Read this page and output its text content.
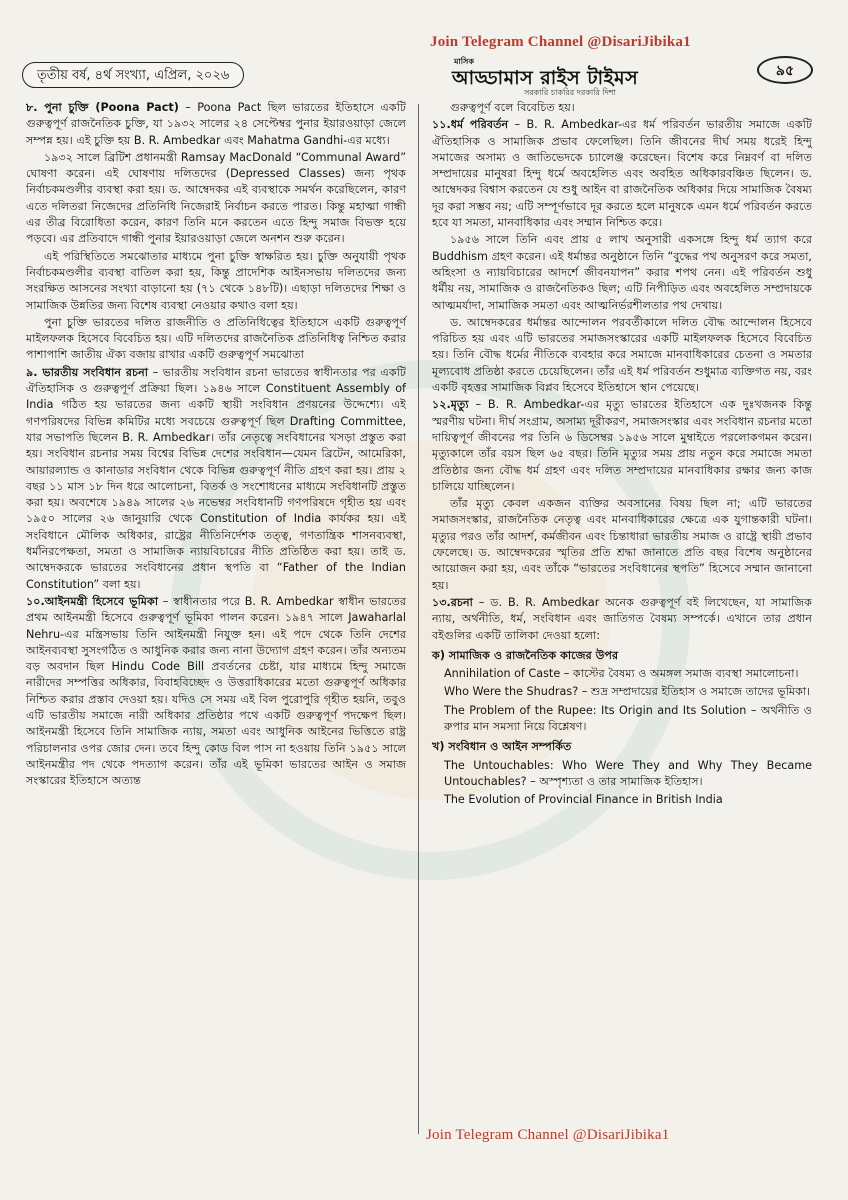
Join Telegram Channel @DisariJibika1
তৃতীয় বর্ষ, ৪র্থ সংখ্যা, এপ্রিল, ২০২৬
মাসিক
আড্ডামাস রাইস টাইমস
সরকারি চাকরির দরকারি দিশা
৯৫

৮. পুনা চুক্তি (Poona Pact) – Poona Pact ছিল ভারতের ইতিহাসে একটি গুরুত্বপূর্ণ রাজনৈতিক চুক্তি, যা ১৯৩২ সালের ২৪ সেপ্টেম্বর পুনার ইয়ারওয়াড়া জেলে সম্পন্ন হয়। এই চুক্তি হয় B. R. Ambedkar এবং Mahatma Gandhi-এর মধ্যে।

১৯৩২ সালে ব্রিটিশ প্রধানমন্ত্রী Ramsay MacDonald “Communal Award” ঘোষণা করেন। এই ঘোষণায় দলিতদের (Depressed Classes) জন্য পৃথক নির্বাচকমণ্ডলীর ব্যবস্থা করা হয়। ড. আম্বেদকর এই ব্যবস্থাকে সমর্থন করেছিলেন, কারণ এতে দলিতরা নিজেদের প্রতিনিধি নিজেরাই নির্বাচন করতে পারত। কিন্তু মহাত্মা গান্ধী এর তীব্র বিরোধিতা করেন, কারণ তিনি মনে করতেন এতে হিন্দু সমাজ বিভক্ত হয়ে পড়বে। এর প্রতিবাদে গান্ধী পুনার ইয়ারওয়াড়া জেলে অনশন শুরু করেন।

এই পরিস্থিতিতে সমঝোতার মাধ্যমে পুনা চুক্তি স্বাক্ষরিত হয়। চুক্তি অনুযায়ী পৃথক নির্বাচকমণ্ডলীর ব্যবস্থা বাতিল করা হয়, কিন্তু প্রাদেশিক আইনসভায় দলিতদের জন্য সংরক্ষিত আসনের সংখ্যা বাড়ানো হয় (৭১ থেকে ১৪৮টি)। এছাড়া দলিতদের শিক্ষা ও সামাজিক উন্নতির জন্য বিশেষ ব্যবস্থা নেওয়ার কথাও বলা হয়।

পুনা চুক্তি ভারতের দলিত রাজনীতি ও প্রতিনিধিত্বের ইতিহাসে একটি গুরুত্বপূর্ণ মাইলফলক হিসেবে বিবেচিত হয়। এটি দলিতদের রাজনৈতিক প্রতিনিধিত্ব নিশ্চিত করার পাশাপাশি জাতীয় ঐক্য বজায় রাখার একটি গুরুত্বপূর্ণ সমঝোতা

৯. ভারতীয় সংবিধান রচনা – ভারতীয় সংবিধান রচনা ভারতের স্বাধীনতার পর একটি ঐতিহাসিক ও গুরুত্বপূর্ণ প্রক্রিয়া ছিল। ১৯৪৬ সালে Constituent Assembly of India গঠিত হয় ভারতের জন্য একটি স্থায়ী সংবিধান প্রণয়নের উদ্দেশ্যে। এই গণপরিষদের বিভিন্ন কমিটির মধ্যে সবচেয়ে গুরুত্বপূর্ণ ছিল Drafting Committee, যার সভাপতি ছিলেন B. R. Ambedkar। তাঁর নেতৃত্বে সংবিধানের খসড়া প্রস্তুত করা হয়। সংবিধান রচনার সময় বিশ্বের বিভিন্ন দেশের সংবিধান—যেমন ব্রিটেন, আমেরিকা, আয়ারল্যান্ড ও কানাডার সংবিধান থেকে বিভিন্ন গুরুত্বপূর্ণ নীতি গ্রহণ করা হয়। প্রায় ২ বছর ১১ মাস ১৮ দিন ধরে আলোচনা, বিতর্ক ও সংশোধনের মাধ্যমে সংবিধানটি প্রস্তুত করা হয়। অবশেষে ১৯৪৯ সালের ২৬ নভেম্বর সংবিধানটি গণপরিষদে গৃহীত হয় এবং ১৯৫০ সালের ২৬ জানুয়ারি থেকে Constitution of India কার্যকর হয়। এই সংবিধানে মৌলিক অধিকার, রাষ্ট্রের নীতিনির্দেশক তত্ত্ব, গণতান্ত্রিক শাসনব্যবস্থা, ধর্মনিরপেক্ষতা, সমতা ও সামাজিক ন্যায়বিচারের নীতি প্রতিষ্ঠিত করা হয়। তাই ড. আম্বেদকরকে ভারতের সংবিধানের প্রধান স্থপতি বা “Father of the Indian Constitution” বলা হয়।

১০.আইনমন্ত্রী হিসেবে ভূমিকা – স্বাধীনতার পরে B. R. Ambedkar স্বাধীন ভারতের প্রথম আইনমন্ত্রী হিসেবে গুরুত্বপূর্ণ ভূমিকা পালন করেন। ১৯৪৭ সালে Jawaharlal Nehru-এর মন্ত্রিসভায় তিনি আইনমন্ত্রী নিযুক্ত হন। এই পদে থেকে তিনি দেশের আইনব্যবস্থা সুসংগঠিত ও আধুনিক করার জন্য নানা উদ্যোগ গ্রহণ করেন। তাঁর অন্যতম বড় অবদান ছিল Hindu Code Bill প্রবর্তনের চেষ্টা, যার মাধ্যমে হিন্দু সমাজে নারীদের সম্পত্তির অধিকার, বিবাহবিচ্ছেদ ও উত্তরাধিকারের মতো গুরুত্বপূর্ণ অধিকার নিশ্চিত করার প্রস্তাব দেওয়া হয়। যদিও সে সময় এই বিল পুরোপুরি গৃহীত হয়নি, তবুও এটি ভারতীয় সমাজে নারী অধিকার প্রতিষ্ঠার পথে একটি গুরুত্বপূর্ণ পদক্ষেপ ছিল। আইনমন্ত্রী হিসেবে তিনি সামাজিক ন্যায়, সমতা এবং আধুনিক আইনের ভিত্তিতে রাষ্ট্র পরিচালনার ওপর জোর দেন। তবে হিন্দু কোড বিল পাস না হওয়ায় তিনি ১৯৫১ সালে আইনমন্ত্রীর পদ থেকে পদত্যাগ করেন। তাঁর এই ভূমিকা ভারতের আইন ও সমাজ সংস্কারের ইতিহাসে অত্যন্ত

গুরুত্বপূর্ণ বলে বিবেচিত হয়।

১১.ধর্ম পরিবর্তন – B. R. Ambedkar-এর ধর্ম পরিবর্তন ভারতীয় সমাজে একটি ঐতিহাসিক ও সামাজিক প্রভাব ফেলেছিল। তিনি জীবনের দীর্ঘ সময় ধরেই হিন্দু সমাজের অসাম্য ও জাতিভেদকে চ্যালেঞ্জ করেছেন। বিশেষ করে নিম্নবর্ণ বা দলিত সম্প্রদায়ের মানুষরা হিন্দু ধর্মে অবহেলিত এবং অবহিত অধিকারবঞ্চিত ছিলেন। ড. আম্বেদকর বিশ্বাস করতেন যে শুধু আইন বা রাজনৈতিক অধিকার দিয়ে সামাজিক বৈষম্য দূর করা সম্ভব নয়; এটি সম্পূর্ণভাবে দূর করতে হলে মানুষকে এমন ধর্মে পরিবর্তন করতে হবে যা সমতা, মানবাধিকার এবং সম্মান নিশ্চিত করে।

১৯৫৬ সালে তিনি এবং প্রায় ৫ লাখ অনুসারী একসঙ্গে হিন্দু ধর্ম ত্যাগ করে Buddhism গ্রহণ করেন। এই ধর্মান্তর অনুষ্ঠানে তিনি “বুদ্ধের পথ অনুসরণ করে সমতা, অহিংসা ও ন্যায়বিচারের আদর্শে জীবনযাপন” করার শপথ নেন। এই পরিবর্তন শুধু ধর্মীয় নয়, সামাজিক ও রাজনৈতিকও ছিল; এটি নিপীড়িত এবং অবহেলিত সম্প্রদায়কে আত্মমর্যাদা, সামাজিক সমতা এবং আত্মনির্ভরশীলতার পথ দেখায়।

ড. আম্বেদকরের ধর্মান্তর আন্দোলন পরবর্তীকালে দলিত বৌদ্ধ আন্দোলন হিসেবে পরিচিত হয় এবং এটি ভারতের সমাজসংস্কারের একটি মাইলফলক হিসেবে বিবেচিত হয়। তিনি বৌদ্ধ ধর্মের নীতিকে ব্যবহার করে সমাজে মানবাধিকারের চেতনা ও সমতার মূল্যবোধ প্রতিষ্ঠা করতে চেয়েছিলেন। তাঁর এই ধর্ম পরিবর্তন শুধুমাত্র ব্যক্তিগত নয়, বরং একটি বৃহত্তর সামাজিক বিপ্লব হিসেবে ইতিহাসে স্থান পেয়েছে।

১২.মৃত্যু – B. R. Ambedkar-এর মৃত্যু ভারতের ইতিহাসে এক দুঃখজনক কিন্তু স্মরণীয় ঘটনা। দীর্ঘ সংগ্রাম, অসাম্য দূরীকরণ, সমাজসংস্কার এবং সংবিধান রচনার মতো দায়িত্বপূর্ণ জীবনের পর তিনি ৬ ডিসেম্বর ১৯৫৬ সালে মুম্বাইতে পরলোকগমন করেন। মৃত্যুকালে তাঁর বয়স ছিল ৬৫ বছর। তিনি মৃত্যুর সময় প্রায় নতুন করে সমাজে সমতা প্রতিষ্ঠার জন্য বৌদ্ধ ধর্ম গ্রহণ এবং দলিত সম্প্রদায়ের মানবাধিকার রক্ষার জন্য কাজ চালিয়ে যাচ্ছিলেন।

তাঁর মৃত্যু কেবল একজন ব্যক্তির অবসানের বিষয় ছিল না; এটি ভারতের সমাজসংস্কার, রাজনৈতিক নেতৃত্ব এবং মানবাধিকারের ক্ষেত্রে এক যুগান্তকারী ঘটনা। মৃত্যুর পরও তাঁর আদর্শ, কর্মজীবন এবং চিন্তাধারা ভারতীয় সমাজ ও রাষ্ট্রে স্থায়ী প্রভাব ফেলেছে। ড. আম্বেদকরের স্মৃতির প্রতি শ্রদ্ধা জানাতে প্রতি বছর বিশেষ অনুষ্ঠানের আয়োজন করা হয়, এবং তাঁকে “ভারতের সংবিধানের স্থপতি” হিসেবে সম্মান জানানো হয়।

১৩.রচনা – ড. B. R. Ambedkar অনেক গুরুত্বপূর্ণ বই লিখেছেন, যা সামাজিক ন্যায়, অর্থনীতি, ধর্ম, সংবিধান এবং জাতিগত বৈষম্য সম্পর্কে। এখানে তার প্রধান বইগুলির একটি তালিকা দেওয়া হলো:

ক) সামাজিক ও রাজনৈতিক কাজের উপর
Annihilation of Caste – কাস্টের বৈষম্য ও অমঙ্গল সমাজ ব্যবস্থা সমালোচনা।
Who Were the Shudras? – শুদ্র সম্প্রদায়ের ইতিহাস ও সমাজে তাদের ভূমিকা।
The Problem of the Rupee: Its Origin and Its Solution – অর্থনীতি ও রুপার মান সমস্যা নিয়ে বিশ্লেষণ।
খ) সংবিধান ও আইন সম্পর্কিত
The Untouchables: Who Were They and Why They Became Untouchables? – অস্পৃশ্যতা ও তার সামাজিক ইতিহাস।
The Evolution of Provincial Finance in British India
Join Telegram Channel @DisariJibika1
